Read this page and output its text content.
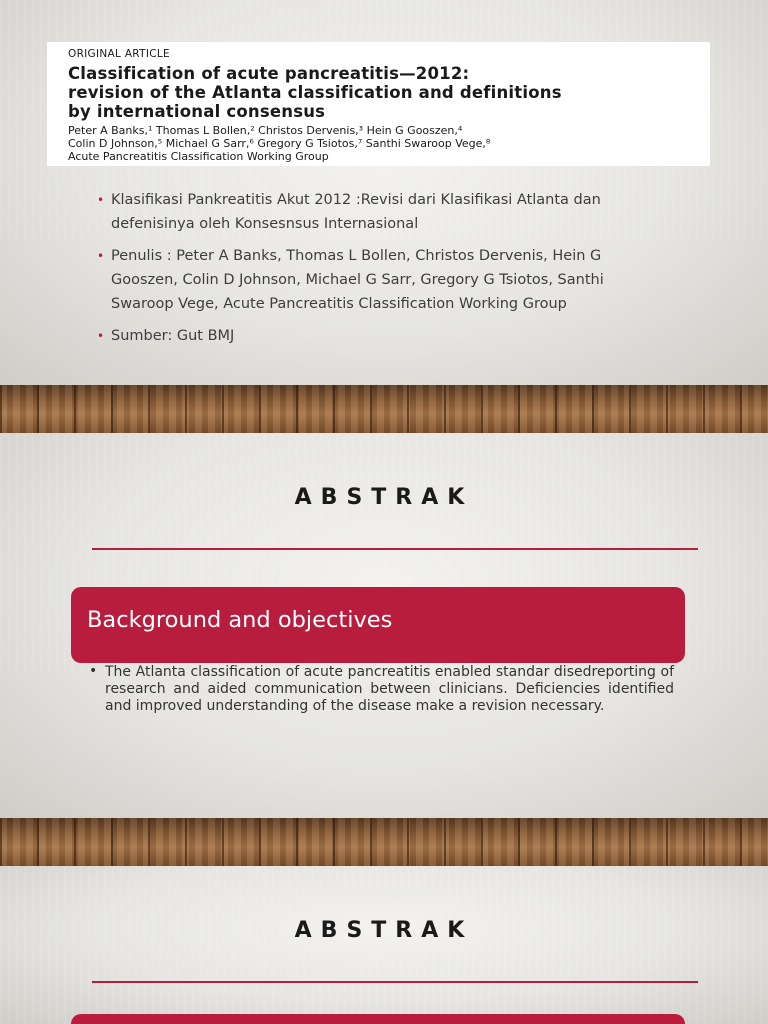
ORIGINAL ARTICLE
Classification of acute pancreatitis—2012:
revision of the Atlanta classification and definitions
by international consensus
Peter A Banks,¹ Thomas L Bollen,² Christos Dervenis,³ Hein G Gooszen,⁴
Colin D Johnson,⁵ Michael G Sarr,⁶ Gregory G Tsiotos,⁷ Santhi Swaroop Vege,⁸
Acute Pancreatitis Classification Working Group
• Klasifikasi Pankreatitis Akut 2012 :Revisi dari Klasifikasi Atlanta dan defenisinya oleh Konsesnsus Internasional
• Penulis : Peter A Banks, Thomas L Bollen, Christos Dervenis, Hein G Gooszen, Colin D Johnson, Michael G Sarr, Gregory G Tsiotos, Santhi Swaroop Vege, Acute Pancreatitis Classification Working Group
• Sumber: Gut BMJ
ABSTRAK
Background and objectives
• The Atlanta classification of acute pancreatitis enabled standar disedreporting of research and aided communication between clinicians. Deficiencies identified and improved understanding of the disease make a revision necessary.
ABSTRAK
